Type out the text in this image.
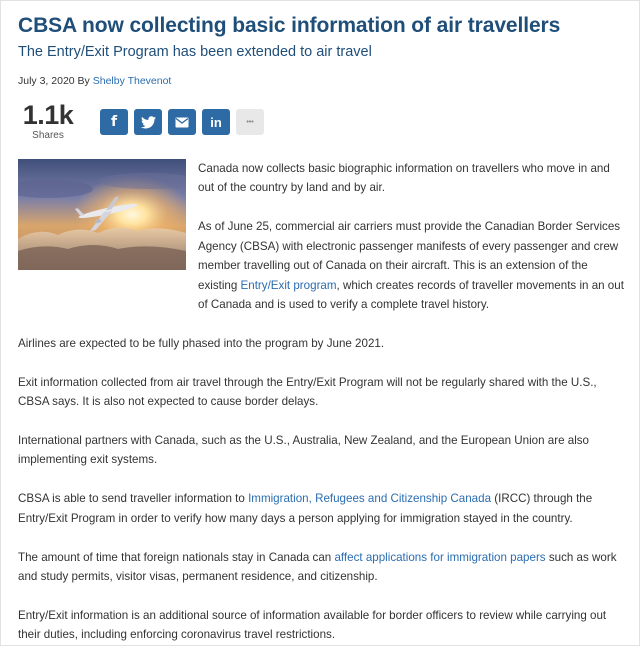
CBSA now collecting basic information of air travellers
The Entry/Exit Program has been extended to air travel
July 3, 2020 By Shelby Thevenot
1.1k
Shares
f	in	•••

Canada now collects basic biographic information on travellers who move in and out of the country by land and by air.

As of June 25, commercial air carriers must provide the Canadian Border Services Agency (CBSA) with electronic passenger manifests of every passenger and crew member travelling out of Canada on their aircraft. This is an extension of the existing Entry/Exit program, which creates records of traveller movements in an out of Canada and is used to verify a complete travel history.

Airlines are expected to be fully phased into the program by June 2021.

Exit information collected from air travel through the Entry/Exit Program will not be regularly shared with the U.S., CBSA says. It is also not expected to cause border delays.

International partners with Canada, such as the U.S., Australia, New Zealand, and the European Union are also implementing exit systems.

CBSA is able to send traveller information to Immigration, Refugees and Citizenship Canada (IRCC) through the Entry/Exit Program in order to verify how many days a person applying for immigration stayed in the country.

The amount of time that foreign nationals stay in Canada can affect applications for immigration papers such as work and study permits, visitor visas, permanent residence, and citizenship.

Entry/Exit information is an additional source of information available for border officers to review while carrying out their duties, including enforcing coronavirus travel restrictions.
